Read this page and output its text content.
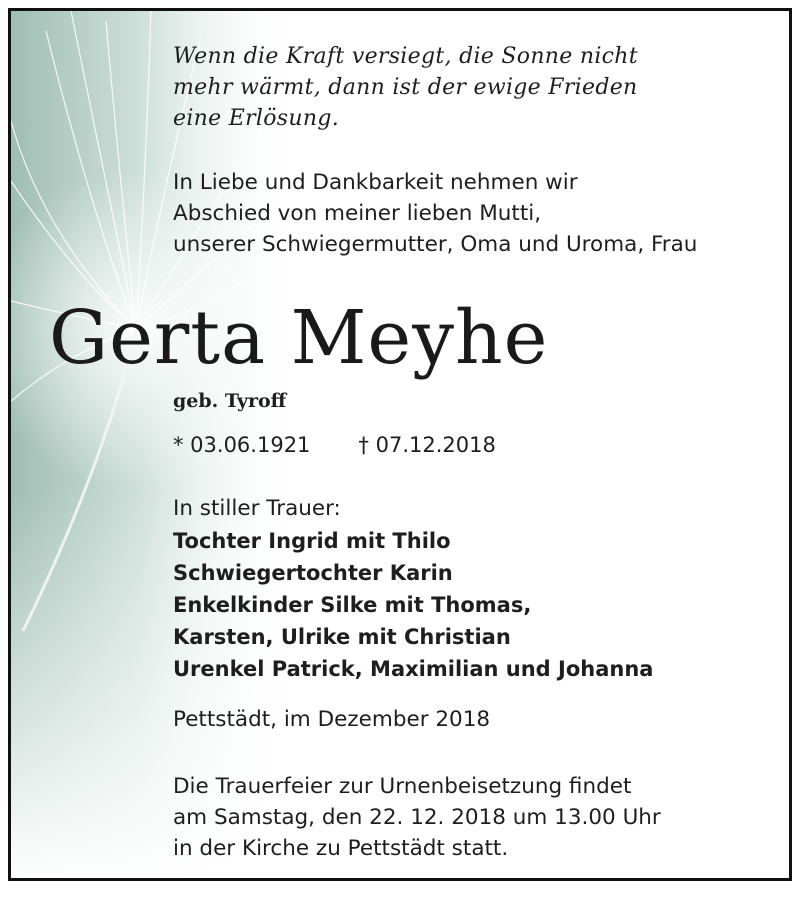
Wenn die Kraft versiegt, die Sonne nicht
mehr wärmt, dann ist der ewige Frieden
eine Erlösung.

In Liebe und Dankbarkeit nehmen wir
Abschied von meiner lieben Mutti,
unserer Schwiegermutter, Oma und Uroma, Frau

Gerta Meyhe

geb. Tyroff

* 03.06.1921 † 07.12.2018

In stiller Trauer:
Tochter Ingrid mit Thilo
Schwiegertochter Karin
Enkelkinder Silke mit Thomas,
Karsten, Ulrike mit Christian
Urenkel Patrick, Maximilian und Johanna

Pettstädt, im Dezember 2018

Die Trauerfeier zur Urnenbeisetzung findet
am Samstag, den 22. 12. 2018 um 13.00 Uhr
in der Kirche zu Pettstädt statt.
